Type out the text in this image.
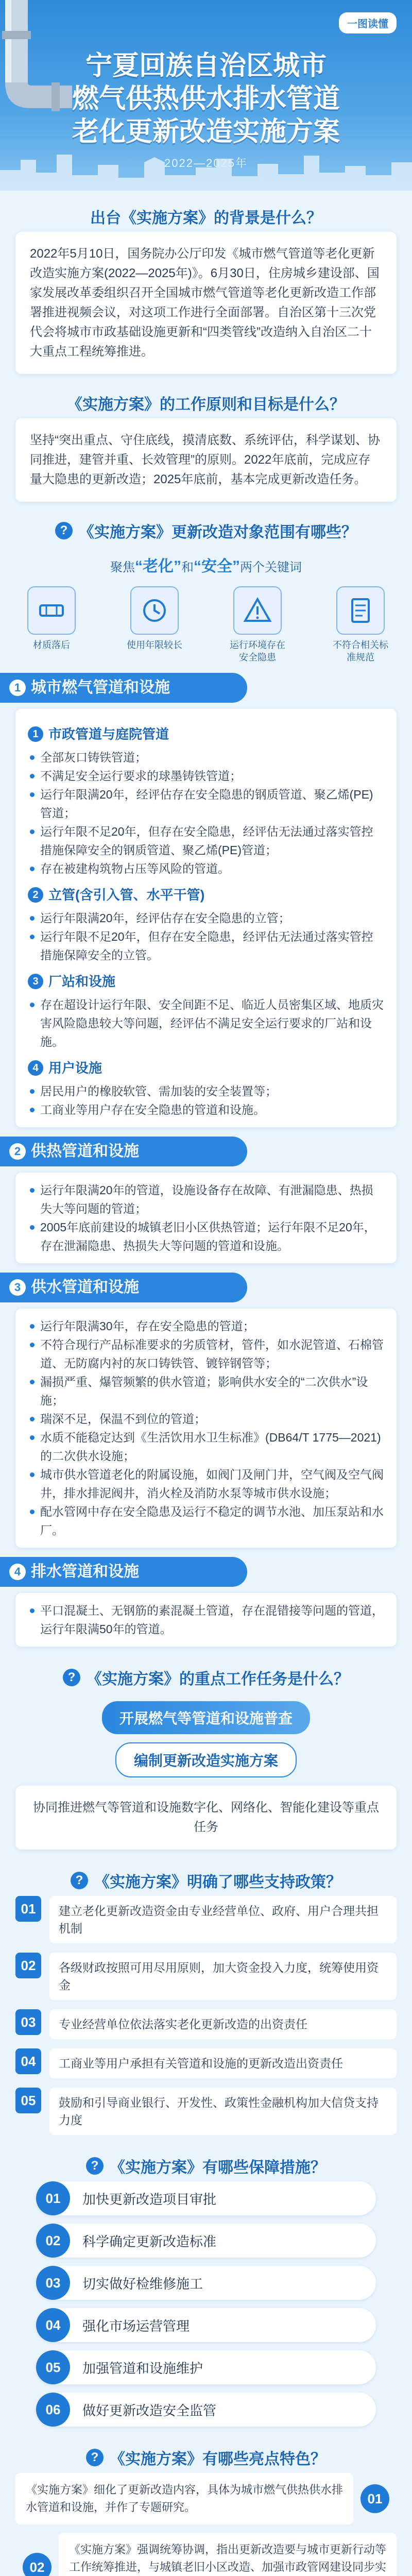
一图读懂
宁夏回族自治区城市
燃气供热供水排水管道
老化更新改造实施方案
2022—2025年
出台《实施方案》的背景是什么？
2022年5月10日，国务院办公厅印发《城市燃气管道等老化更新改造实施方案(2022—2025年)》。6月30日，住房城乡建设部、国家发展改革委组织召开全国城市燃气管道等老化更新改造工作部署推进视频会议，对这项工作进行全面部署。自治区第十三次党代会将城市市政基础设施更新和“四类管线”改造纳入自治区二十大重点工程统筹推进。
《实施方案》的工作原则和目标是什么？
坚持“突出重点、守住底线，摸清底数、系统评估，科学谋划、协同推进，建管并重、长效管理”的原则。2022年底前，完成应存量大隐患的更新改造；2025年底前，基本完成更新改造任务。
? 《实施方案》更新改造对象范围有哪些？
聚焦“老化”和“安全”两个关键词
材质落后	使用年限较长	运行环境存在安全隐患
不符合相关标准规范
1 城市燃气管道和设施
1 市政管道与庭院管道
全部灰口铸铁管道；
不满足安全运行要求的球墨铸铁管道；
运行年限满20年，经评估存在安全隐患的钢质管道、聚乙烯(PE)管道；
运行年限不足20年，但存在安全隐患，经评估无法通过落实管控措施保障安全的钢质管道、聚乙烯(PE)管道；
存在被建构筑物占压等风险的管道。
2 立管(含引入管、水平干管)
运行年限满20年，经评估存在安全隐患的立管；
运行年限不足20年，但存在安全隐患，经评估无法通过落实管控措施保障安全的立管。
3 厂站和设施
存在超设计运行年限、安全间距不足、临近人员密集区域、地质灾害风险隐患较大等问题，经评估不满足安全运行要求的厂站和设施。
4 用户设施
居民用户的橡胶软管、需加装的安全装置等；
工商业等用户存在安全隐患的管道和设施。
2 供热管道和设施
运行年限满20年的管道，设施设备存在故障、有泄漏隐患、热损失大等问题的管道；
2005年底前建设的城镇老旧小区供热管道；运行年限不足20年，存在泄漏隐患、热损失大等问题的管道和设施。
3 供水管道和设施
运行年限满30年，存在安全隐患的管道；
不符合现行产品标准要求的劣质管材，管件，如水泥管道、石棉管道、无防腐内衬的灰口铸铁管、镀锌钢管等；
漏损严重、爆管频繁的供水管道；影响供水安全的“二次供水”设施；
瑞深不足，保温不到位的管道；
水质不能稳定达到《生活饮用水卫生标准》(DB64/T 1775—2021)的二次供水设施；
城市供水管道老化的附属设施，如阀门及闸门井，空气阀及空气阀井，排水排泥阀井，消火栓及消防水泵等城市供水设施；
配水管网中存在安全隐患及运行不稳定的调节水池、加压泵站和水厂。
4 排水管道和设施
平口混凝土、无钢筋的素混凝土管道，存在混错接等问题的管道，运行年限满50年的管道。
? 《实施方案》的重点工作任务是什么？
开展燃气等管道和设施普查
编制更新改造实施方案
协同推进燃气等管道和设施数字化、网络化、智能化建设等重点任务
? 《实施方案》明确了哪些支持政策？
01	建立老化更新改造资金由专业经营单位、政府、用户合理共担机制
02	各级财政按照可用尽用原则，加大资金投入力度，统筹使用资金
03	专业经营单位依法落实老化更新改造的出资责任
04	工商业等用户承担有关管道和设施的更新改造出资责任
05	鼓励和引导商业银行、开发性、政策性金融机构加大信贷支持力度
? 《实施方案》有哪些保障措施？
01	加快更新改造项目审批
02	科学确定更新改造标准
03	切实做好检维修施工
04	强化市场运营管理
05	加强管道和设施维护
06	做好更新改造安全监管
? 《实施方案》有哪些亮点特色？
《实施方案》细化了更新改造内容，具体为城市燃气供热供水排水管道和设施，并作了专题研究。
01
02
《实施方案》强调统筹协调，指出更新改造要与城市更新行动等工作统筹推进，与城镇老旧小区改造、加强市政管网建设同步实
